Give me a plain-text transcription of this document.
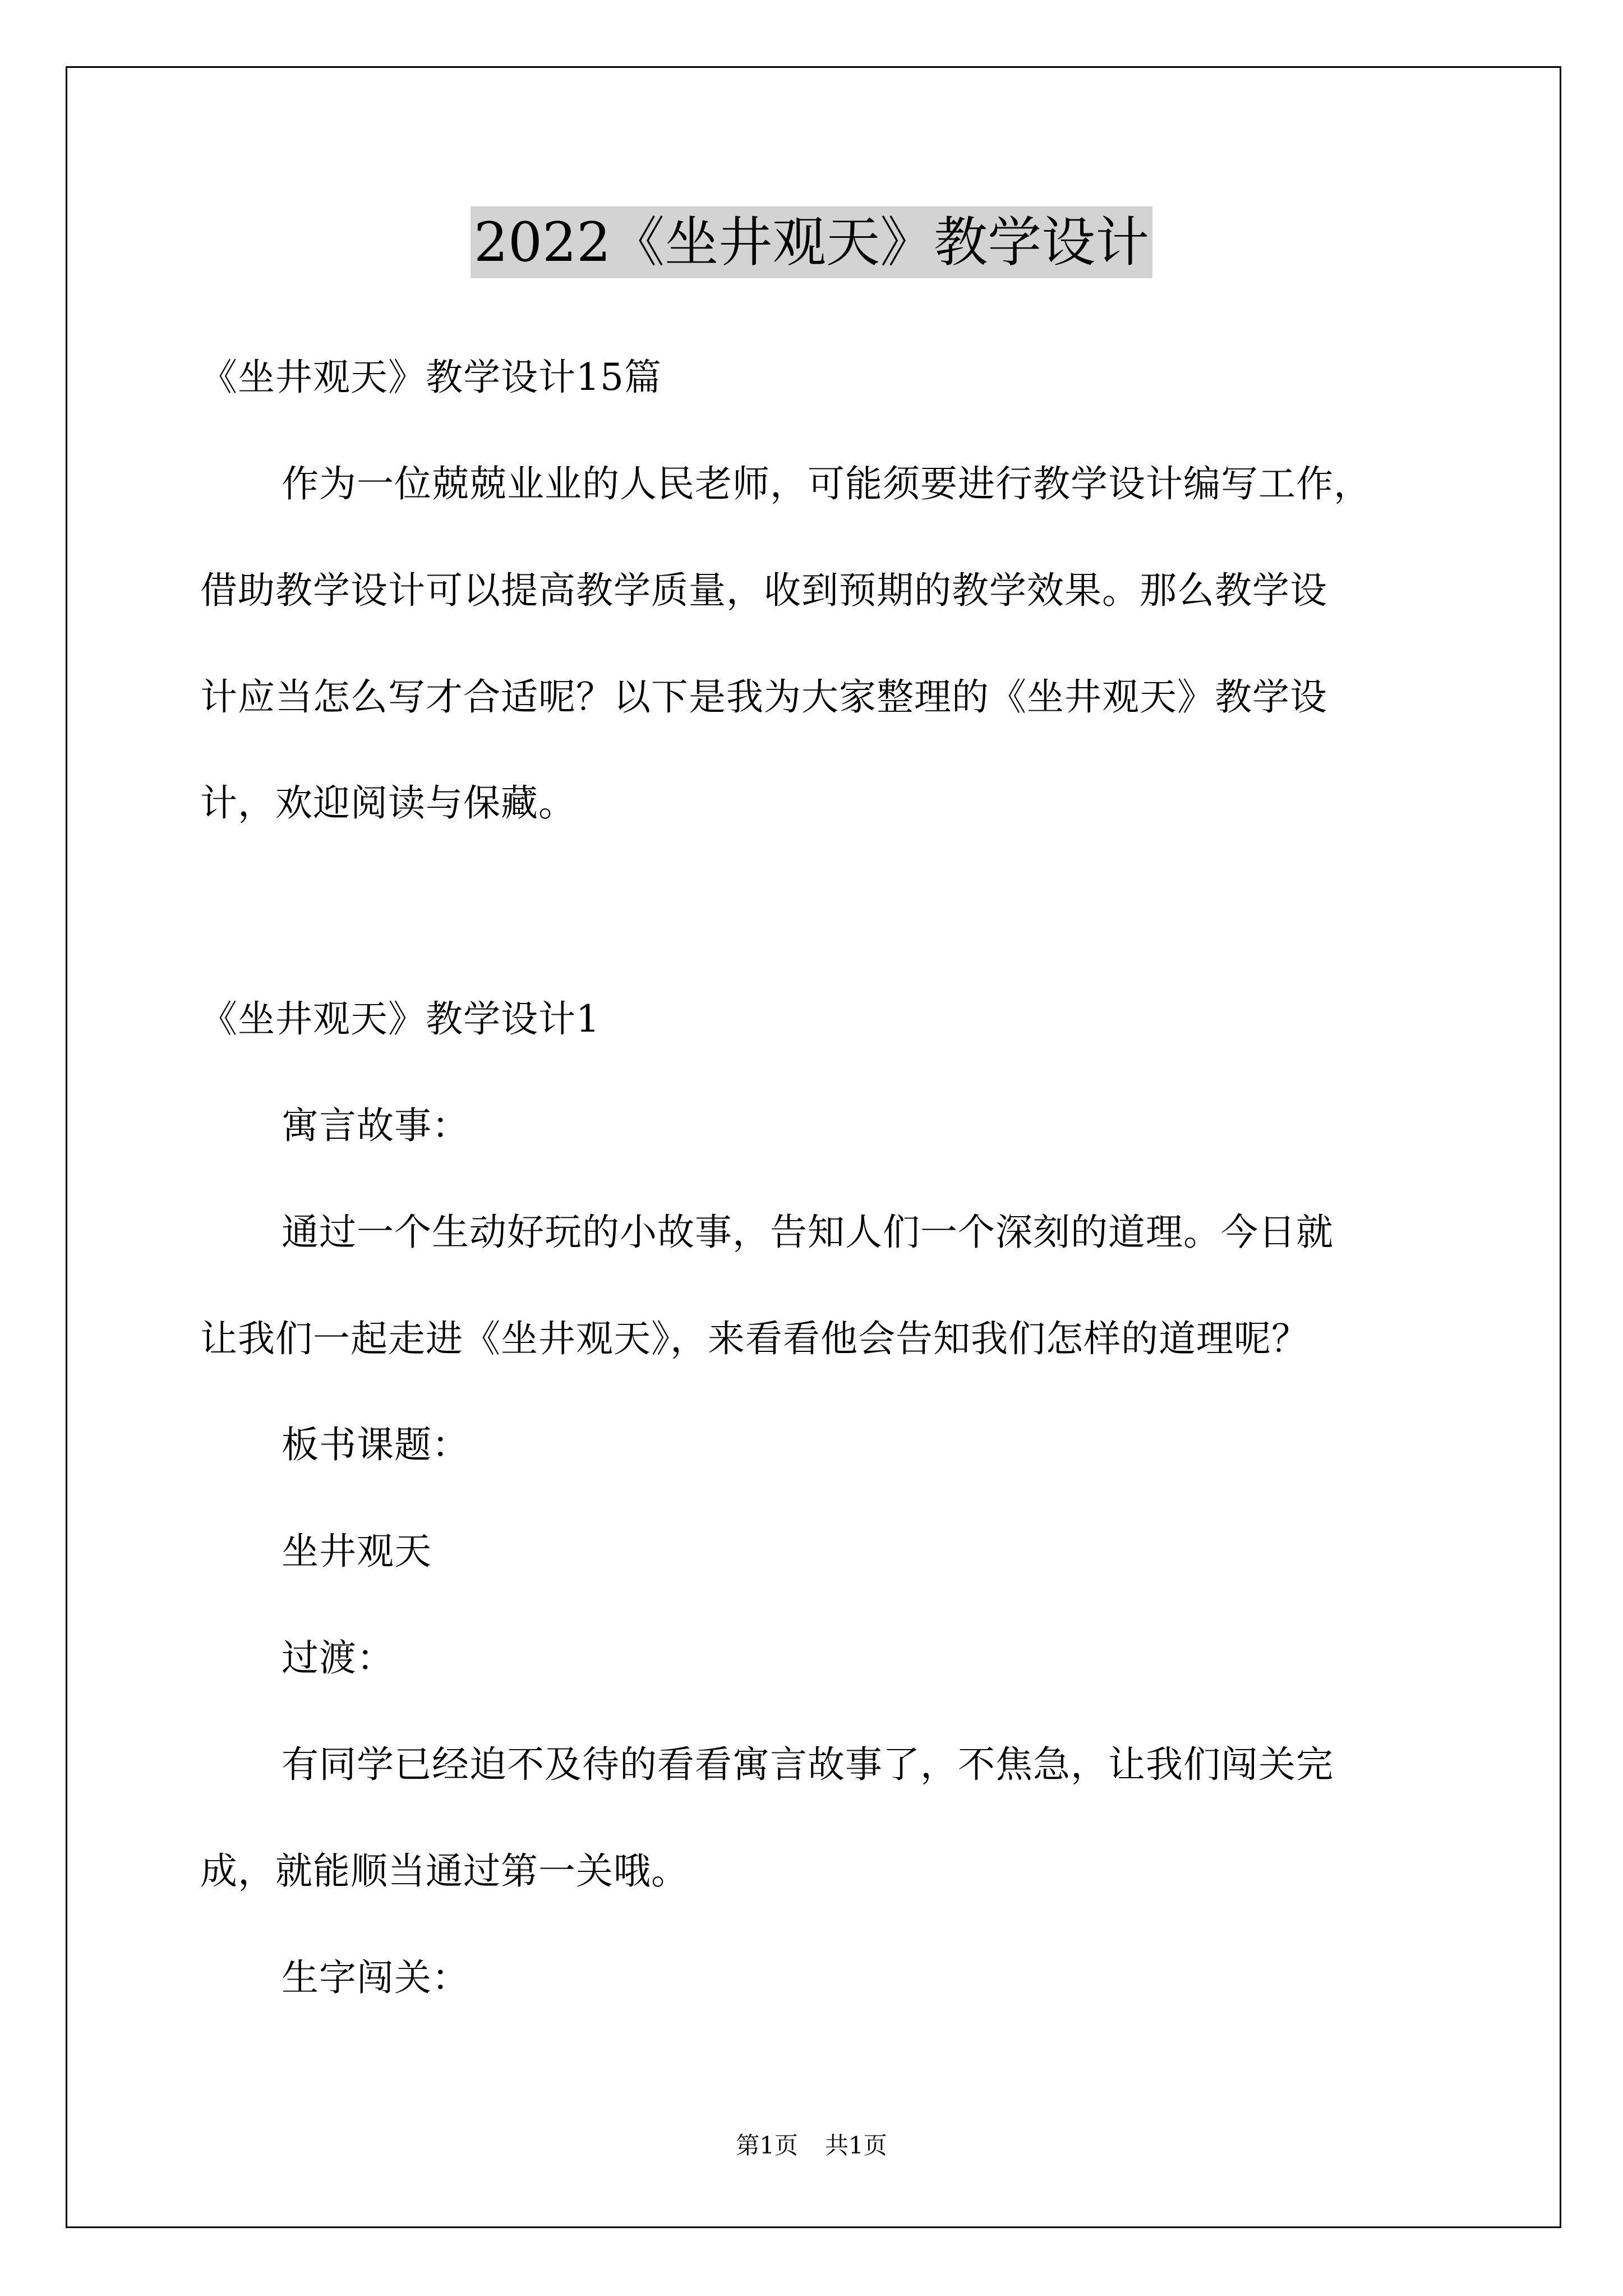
2022《坐井观天》教学设计
《坐井观天》教学设计15篇
作为一位兢兢业业的人民老师，可能须要进行教学设计编写工作，
借助教学设计可以提高教学质量，收到预期的教学效果。那么教学设
计应当怎么写才合适呢？以下是我为大家整理的《坐井观天》教学设
计，欢迎阅读与保藏。
《坐井观天》教学设计1
寓言故事：
通过一个生动好玩的小故事，告知人们一个深刻的道理。今日就
让我们一起走进《坐井观天》，来看看他会告知我们怎样的道理呢？
板书课题：
坐井观天
过渡：
有同学已经迫不及待的看看寓言故事了，不焦急，让我们闯关完
成，就能顺当通过第一关哦。
生字闯关：
第1页 共1页
